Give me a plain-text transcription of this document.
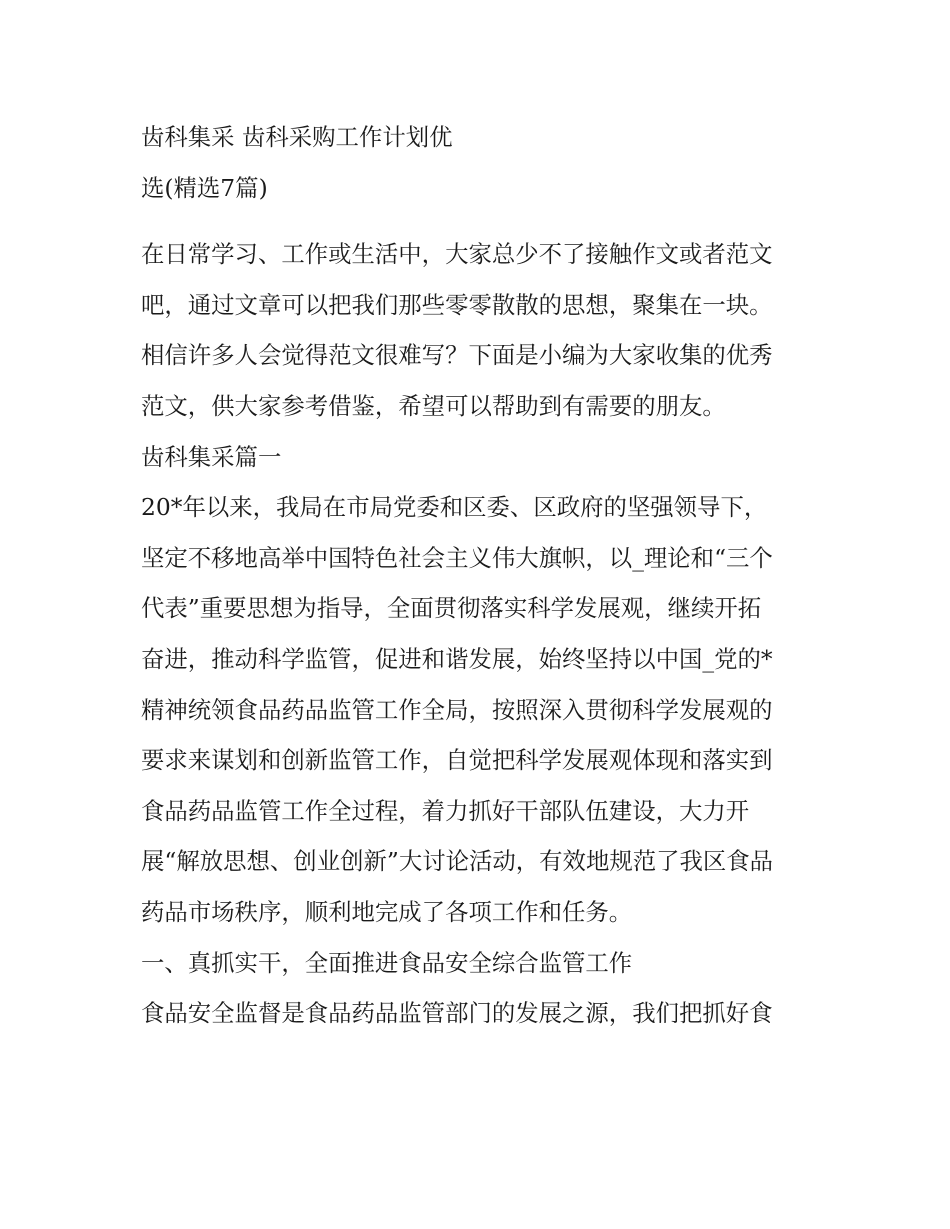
齿科集采 齿科采购工作计划优
选(精选7篇)
在日常学习、工作或生活中，大家总少不了接触作文或者范文
吧，通过文章可以把我们那些零零散散的思想，聚集在一块。
相信许多人会觉得范文很难写？下面是小编为大家收集的优秀
范文，供大家参考借鉴，希望可以帮助到有需要的朋友。
齿科集采篇一
20*年以来，我局在市局党委和区委、区政府的坚强领导下，
坚定不移地高举中国特色社会主义伟大旗帜，以_理论和“三个
代表”重要思想为指导，全面贯彻落实科学发展观，继续开拓
奋进，推动科学监管，促进和谐发展，始终坚持以中国_党的*
精神统领食品药品监管工作全局，按照深入贯彻科学发展观的
要求来谋划和创新监管工作，自觉把科学发展观体现和落实到
食品药品监管工作全过程，着力抓好干部队伍建设，大力开
展“解放思想、创业创新”大讨论活动，有效地规范了我区食品
药品市场秩序，顺利地完成了各项工作和任务。
一、真抓实干，全面推进食品安全综合监管工作
食品安全监督是食品药品监管部门的发展之源，我们把抓好食
